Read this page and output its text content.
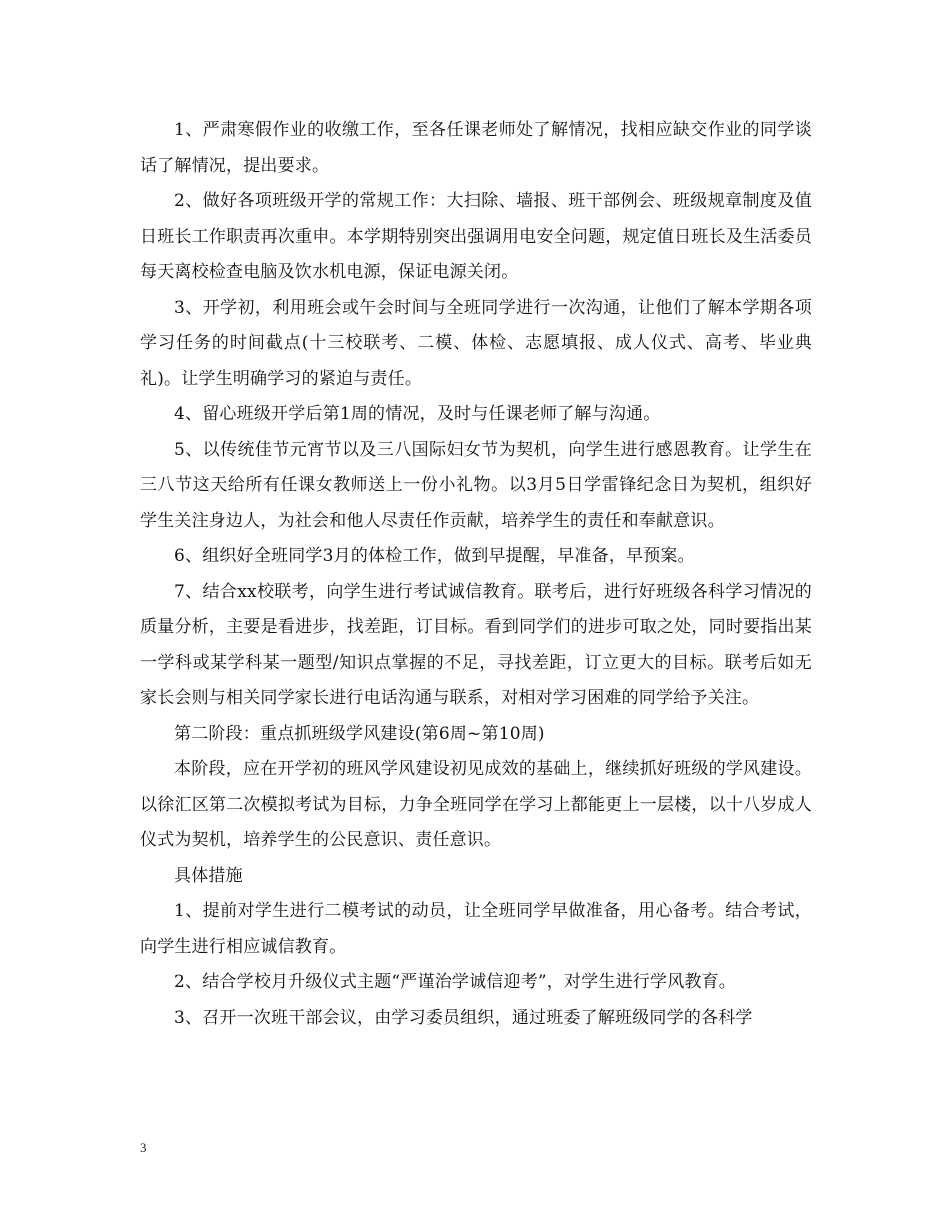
1、严肃寒假作业的收缴工作，至各任课老师处了解情况，找相应缺交作业的同学谈话了解情况，提出要求。

2、做好各项班级开学的常规工作：大扫除、墙报、班干部例会、班级规章制度及值日班长工作职责再次重申。本学期特别突出强调用电安全问题，规定值日班长及生活委员每天离校检查电脑及饮水机电源，保证电源关闭。

3、开学初，利用班会或午会时间与全班同学进行一次沟通，让他们了解本学期各项学习任务的时间截点(十三校联考、二模、体检、志愿填报、成人仪式、高考、毕业典礼)。让学生明确学习的紧迫与责任。

4、留心班级开学后第1周的情况，及时与任课老师了解与沟通。

5、以传统佳节元宵节以及三八国际妇女节为契机，向学生进行感恩教育。让学生在三八节这天给所有任课女教师送上一份小礼物。以3月5日学雷锋纪念日为契机，组织好学生关注身边人，为社会和他人尽责任作贡献，培养学生的责任和奉献意识。

6、组织好全班同学3月的体检工作，做到早提醒，早准备，早预案。

7、结合xx校联考，向学生进行考试诚信教育。联考后，进行好班级各科学习情况的质量分析，主要是看进步，找差距，订目标。看到同学们的进步可取之处，同时要指出某一学科或某学科某一题型/知识点掌握的不足，寻找差距，订立更大的目标。联考后如无家长会则与相关同学家长进行电话沟通与联系，对相对学习困难的同学给予关注。

第二阶段：重点抓班级学风建设(第6周~第10周)

本阶段，应在开学初的班风学风建设初见成效的基础上，继续抓好班级的学风建设。以徐汇区第二次模拟考试为目标，力争全班同学在学习上都能更上一层楼，以十八岁成人仪式为契机，培养学生的公民意识、责任意识。

具体措施

1、提前对学生进行二模考试的动员，让全班同学早做准备，用心备考。结合考试，向学生进行相应诚信教育。

2、结合学校月升级仪式主题“严谨治学诚信迎考”，对学生进行学风教育。

3、召开一次班干部会议，由学习委员组织，通过班委了解班级同学的各科学

3
